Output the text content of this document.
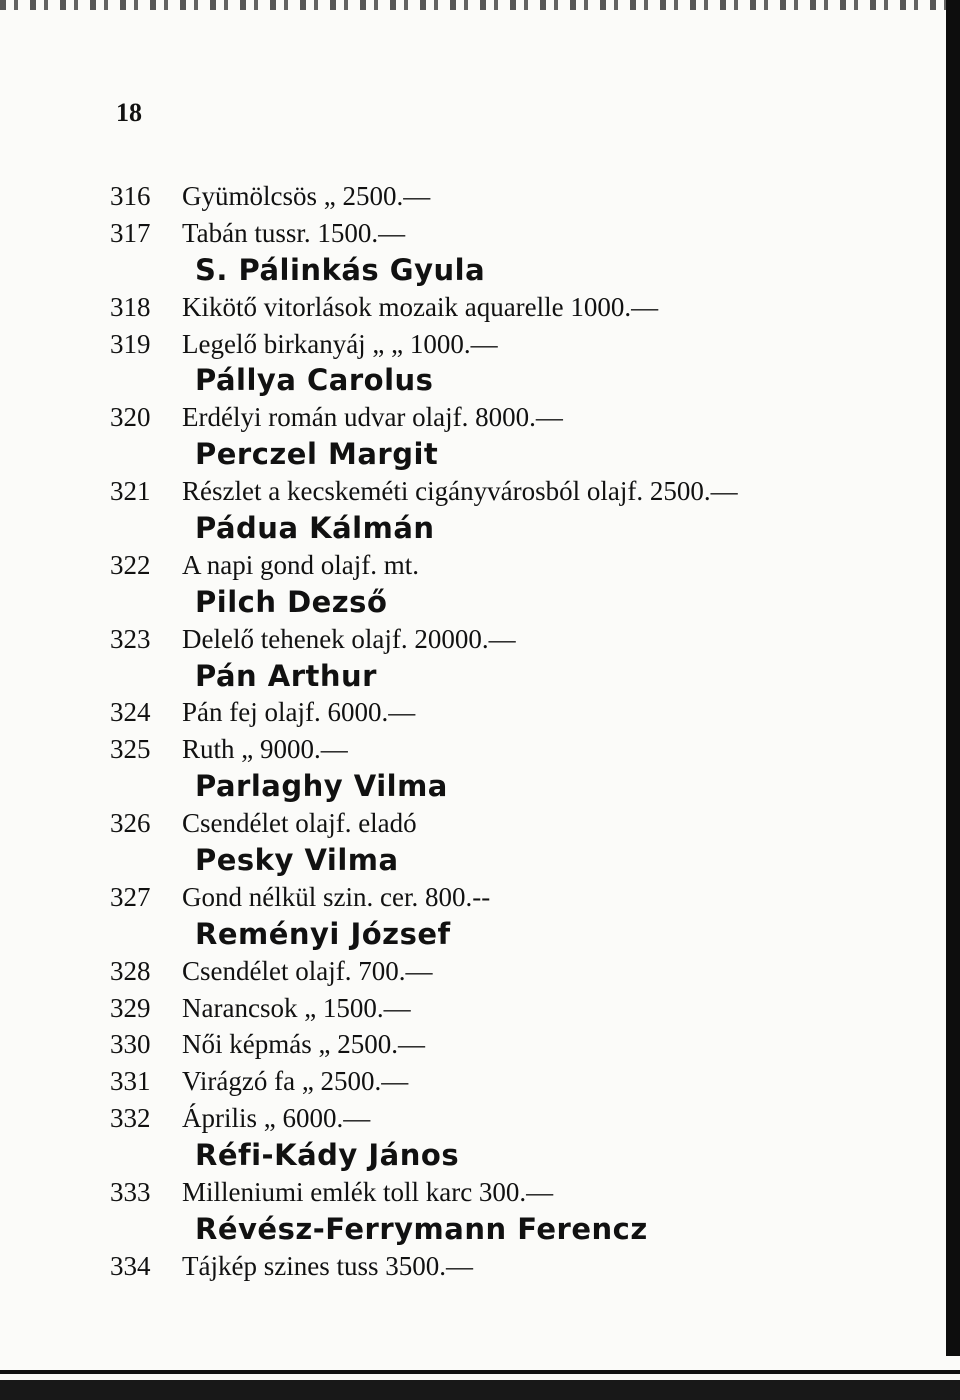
18
316 Gyümölcsös „ 2500.—
317 Tabán tussr. 1500.—
S. Pálinkás Gyula
318 Kikötő vitorlások mozaik aquarelle 1000.—
319 Legelő birkanyáj „ „ 1000.—
Pállya Carolus
320 Erdélyi román udvar olajf. 8000.—
Perczel Margit
321 Részlet a kecskeméti cigányvárosból olajf. 2500.—
Pádua Kálmán
322 A napi gond olajf. mt.
Pilch Dezső
323 Delelő tehenek olajf. 20000.—
Pán Arthur
324 Pán fej olajf. 6000.—
325 Ruth „ 9000.—
Parlaghy Vilma
326 Csendélet olajf. eladó
Pesky Vilma
327 Gond nélkül szin. cer. 800.--
Reményi József
328 Csendélet olajf. 700.—
329 Narancsok „ 1500.—
330 Női képmás „ 2500.—
331 Virágzó fa „ 2500.—
332 Április „ 6000.—
Réfi-Kády János
333 Milleniumi emlék toll karc 300.—
Révész-Ferrymann Ferencz
334 Tájkép szines tuss 3500.—
